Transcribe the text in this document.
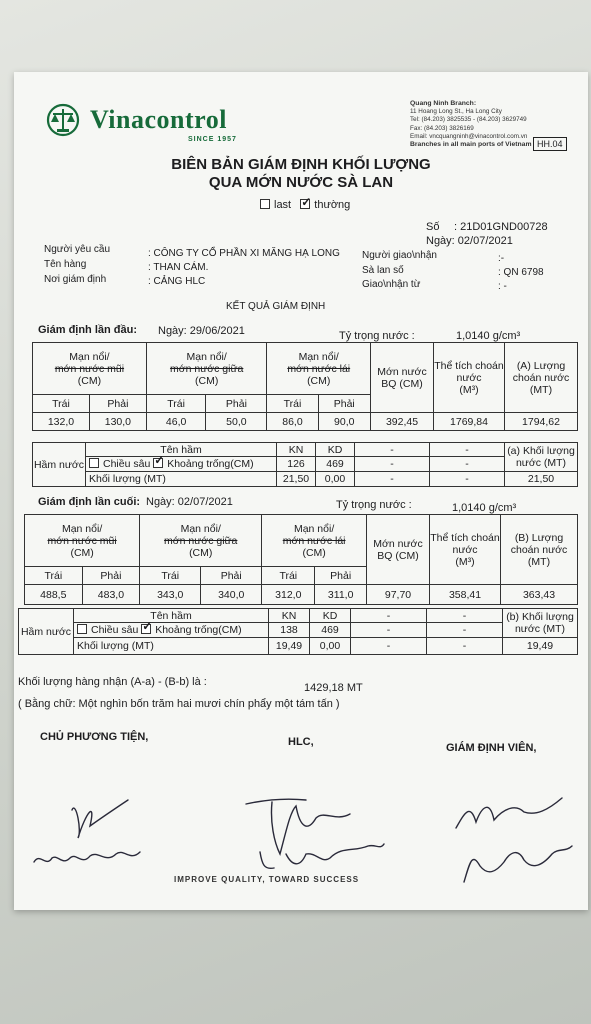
Vinacontrol
SINCE 1957
Quang Ninh Branch:
11 Hoang Long St., Ha Long City
Tel: (84.203) 3825535 - (84.203) 3629749
Fax: (84.203) 3826169
Email: vncquangninh@vinacontrol.com.vn
Branches in all main ports of Vietnam HH.04
BIÊN BẢN GIÁM ĐỊNH KHỐI LƯỢNG
QUA MỚN NƯỚC SÀ LAN
last ✓ thường
Số : 21D01GND00728
Ngày: 02/07/2021
Người yêu cầu	: CÔNG TY CỔ PHẦN XI MĂNG HẠ LONG Người giao\nhận	:-
Tên hàng	: THAN CÁM.	Sà lan số	: QN 6798
Nơi giám định	: CẢNG HLC	Giao\nhận từ	: -
KẾT QUẢ GIÁM ĐỊNH
Giám định lần đầu: Ngày: 29/06/2021	Tỷ trọng nước :	1,0140 g/cm³
Mạn nổi/
mớn nước mũi
(CM)		Mạn nổi/
mớn nước giữa
(CM)		Mạn nổi/
mớn nước lái
(CM)		Mớn nước BQ (CM)	Thể tích choán nước
(M³)	(A) Lượng choán nước (MT)
Trái	Phải	Trái	Phải	Trái	Phải			
132,0	130,0	46,0	50,0	86,0	90,0	392,45	1769,84	1794,62
Hầm nước	Tên hầm	KN	KD	-	-	(a) Khối lượng nước (MT)
	Chiều sâu ✓ Khoảng trống(CM)	126	469	-	-	
	Khối lượng (MT)	21,50	0,00	-	-	21,50
Giám định lần cuối: Ngày: 02/07/2021	Tỷ trọng nước :	1,0140 g/cm³
Mạn nổi/
mớn nước mũi
(CM)		Mạn nổi/
mớn nước giữa
(CM)		Mạn nổi/
mớn nước lái
(CM)		Mớn nước BQ (CM)	Thể tích choán nước
(M³)	(B) Lượng choán nước (MT)
Trái	Phải	Trái	Phải	Trái	Phải			
488,5	483,0	343,0	340,0	312,0	311,0	97,70	358,41	363,43
Hầm nước	Tên hầm	KN	KD	-	-	(b) Khối lượng nước (MT)
	Chiều sâu ✓ Khoảng trống(CM)	138	469	-	-	
	Khối lượng (MT)	19,49	0,00	-	-	19,49
Khối lượng hàng nhận (A-a) - (B-b) là :	1429,18 MT
( Bằng chữ: Một nghìn bốn trăm hai mươi chín phẩy một tám tấn )
CHỦ PHƯƠNG TIỆN,	HLC,	GIÁM ĐỊNH VIÊN,
IMPROVE QUALITY, TOWARD SUCCESS
